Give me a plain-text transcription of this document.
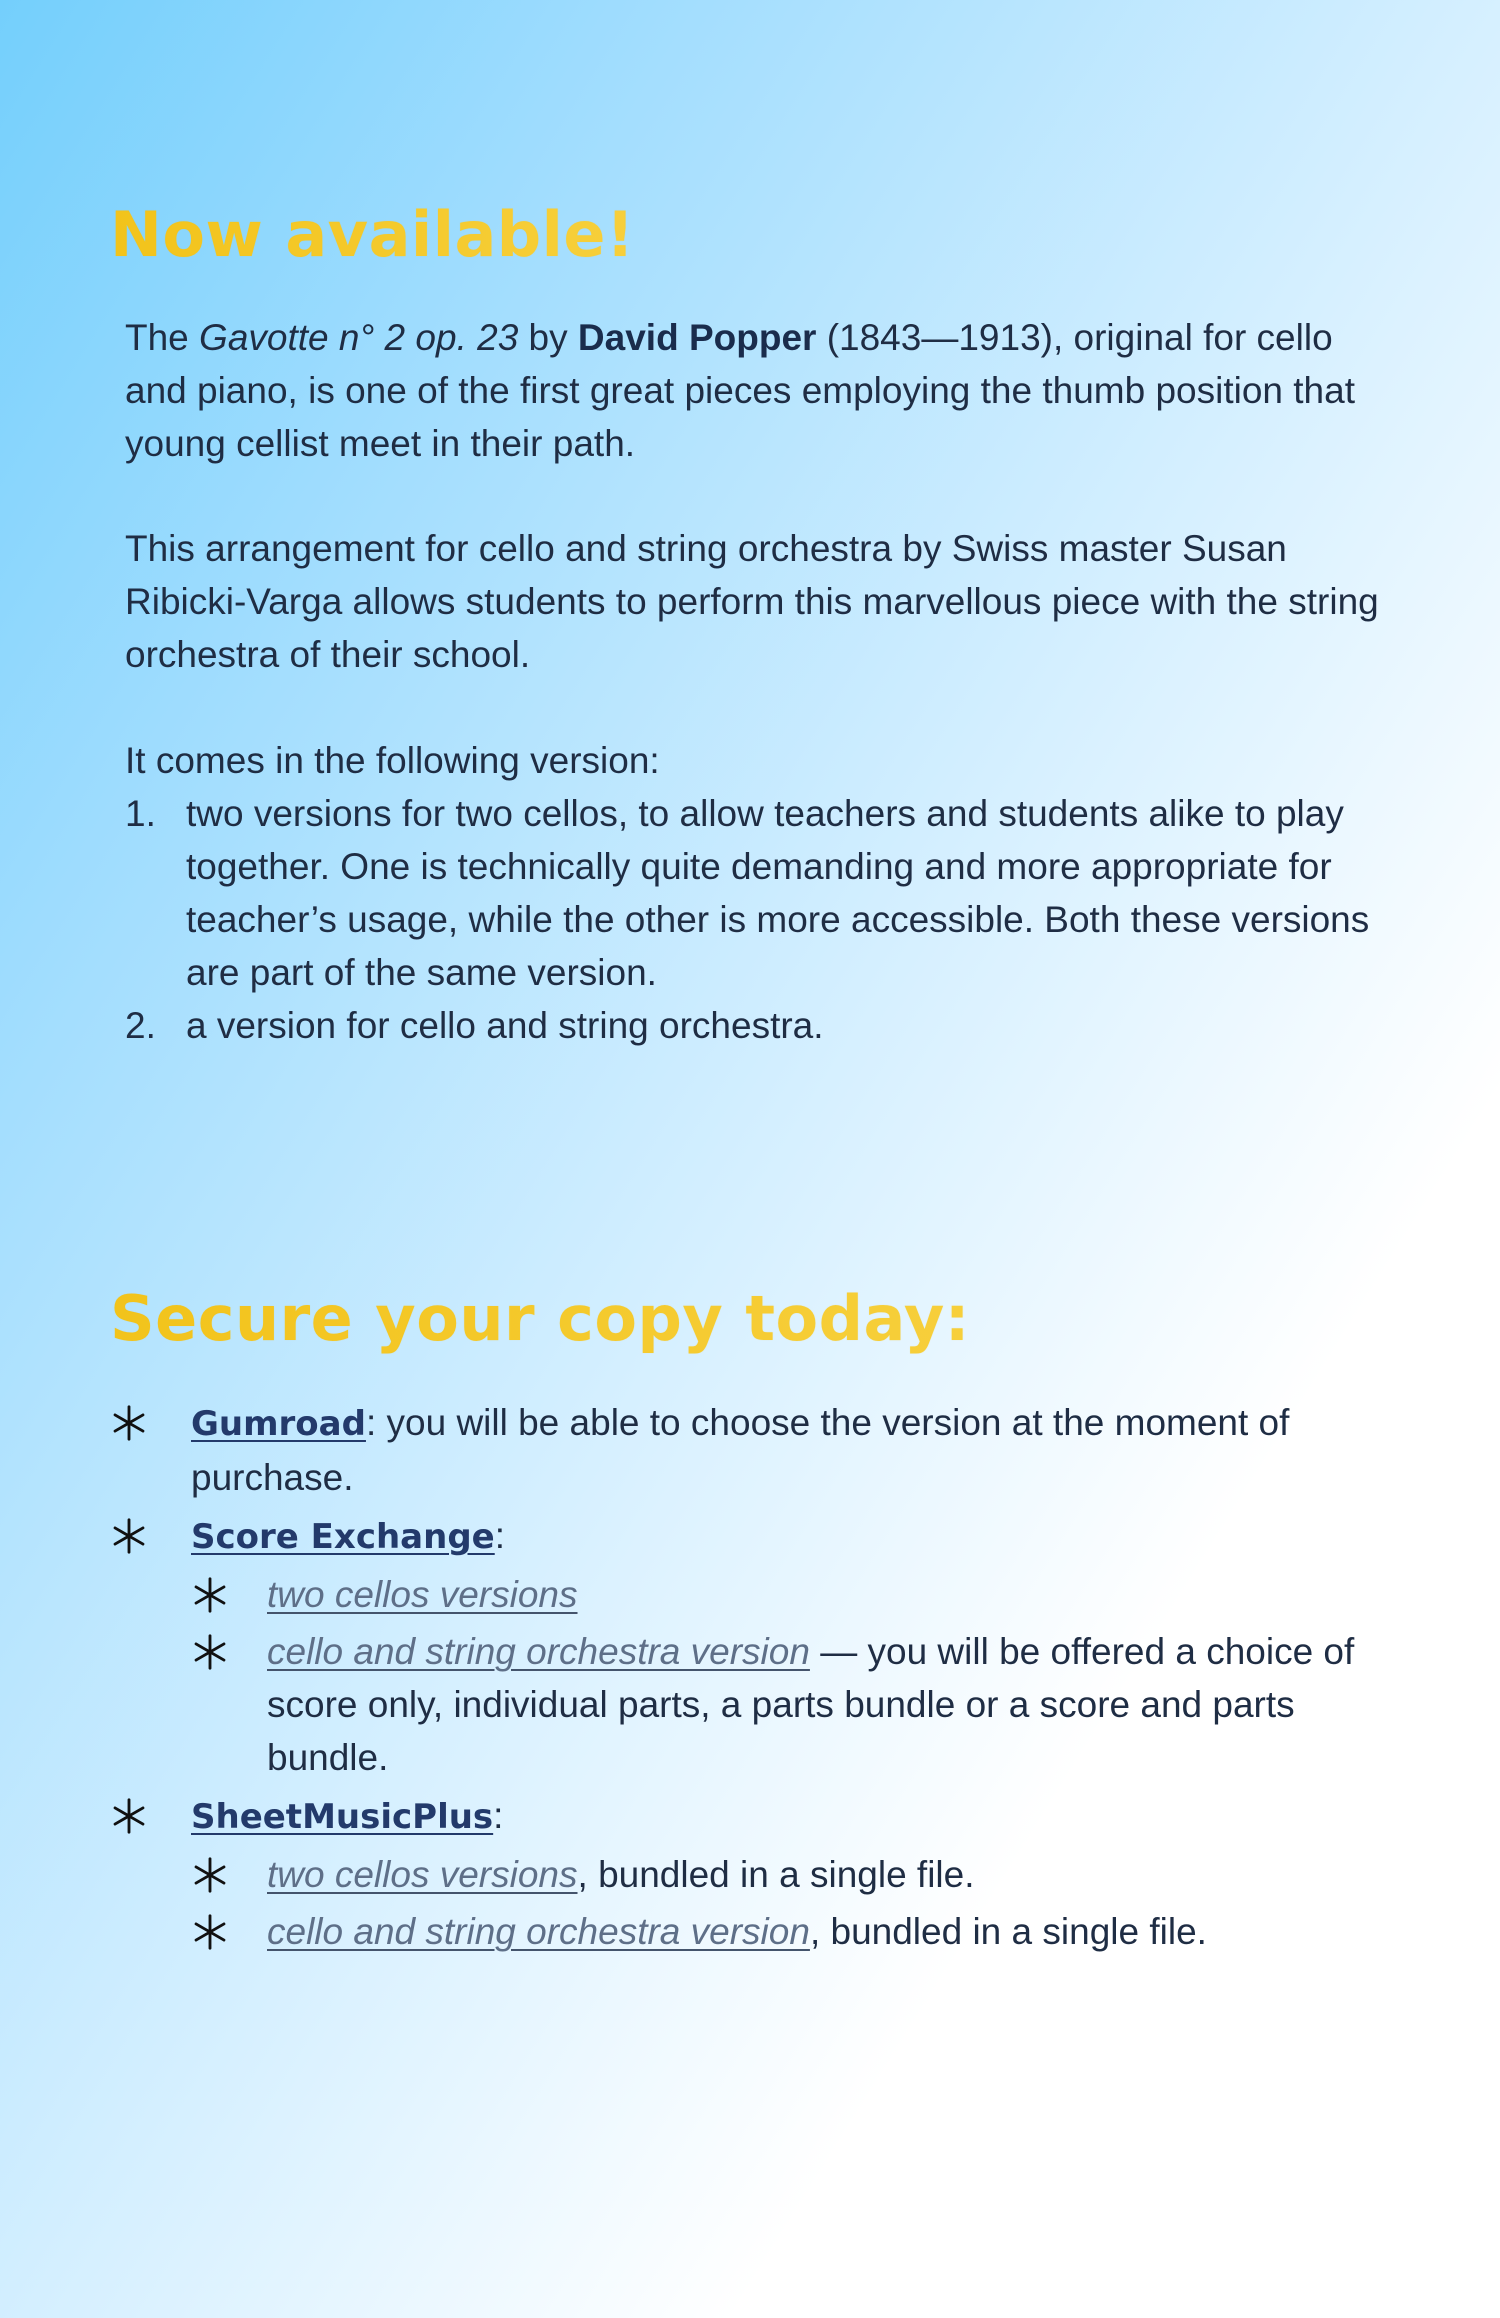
Now available!

The Gavotte n° 2 op. 23 by David Popper (1843—1913), original for cello and piano, is one of the first great pieces employing the thumb position that young cellist meet in their path.

This arrangement for cello and string orchestra by Swiss master Susan Ribicki-Varga allows students to perform this marvellous piece with the string orchestra of their school.

It comes in the following version:

1. two versions for two cellos, to allow teachers and students alike to play together. One is technically quite demanding and more appropriate for teacher’s usage, while the other is more accessible. Both these versions are part of the same version.
2. a version for cello and string orchestra.
Secure your copy today:
Gumroad: you will be able to choose the version at the moment of purchase.
Score Exchange:
two cellos versions
cello and string orchestra version — you will be offered a choice of score only, individual parts, a parts bundle or a score and parts bundle.
SheetMusicPlus:
two cellos versions, bundled in a single file.
cello and string orchestra version, bundled in a single file.
